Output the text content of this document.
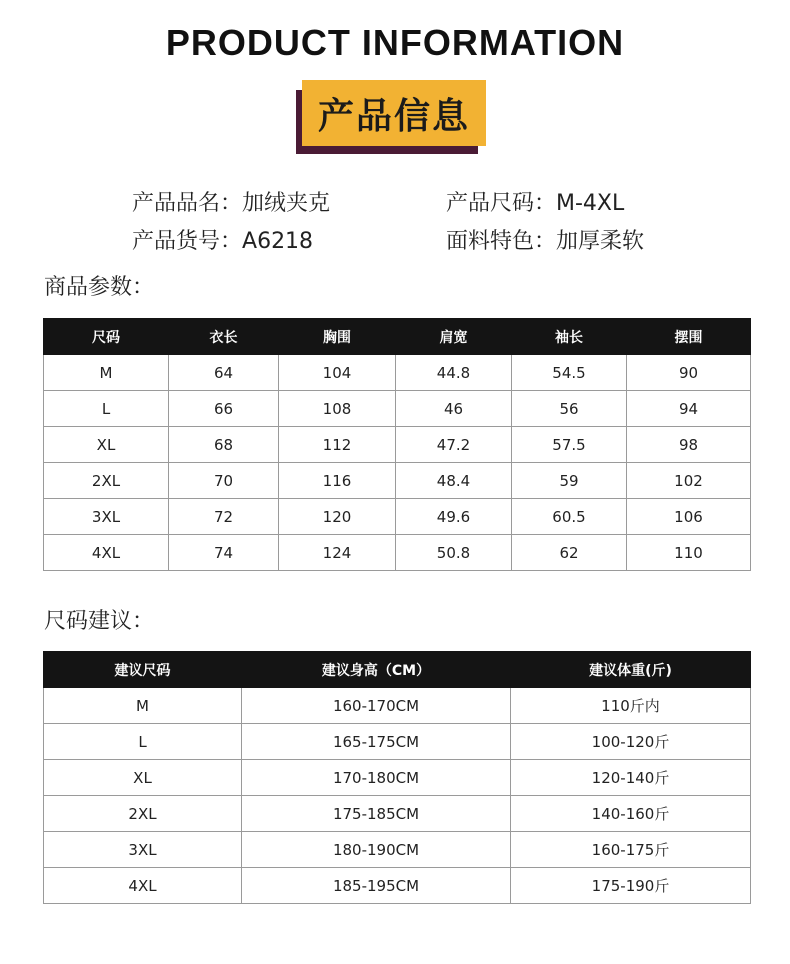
PRODUCT INFORMATION
产品信息
产品品名：加绒夹克	产品尺码：M-4XL
产品货号：A6218	面料特色：加厚柔软
商品参数：
尺码	衣长	胸围	肩宽	袖长	摆围
M	64	104	44.8	54.5	90
L	66	108	46	56	94
XL	68	112	47.2	57.5	98
2XL	70	116	48.4	59	102
3XL	72	120	49.6	60.5	106
4XL	74	124	50.8	62	110
尺码建议：
建议尺码	建议身高（CM）	建议体重(斤)
M	160-170CM	110斤内
L	165-175CM	100-120斤
XL	170-180CM	120-140斤
2XL	175-185CM	140-160斤
3XL	180-190CM	160-175斤
4XL	185-195CM	175-190斤
